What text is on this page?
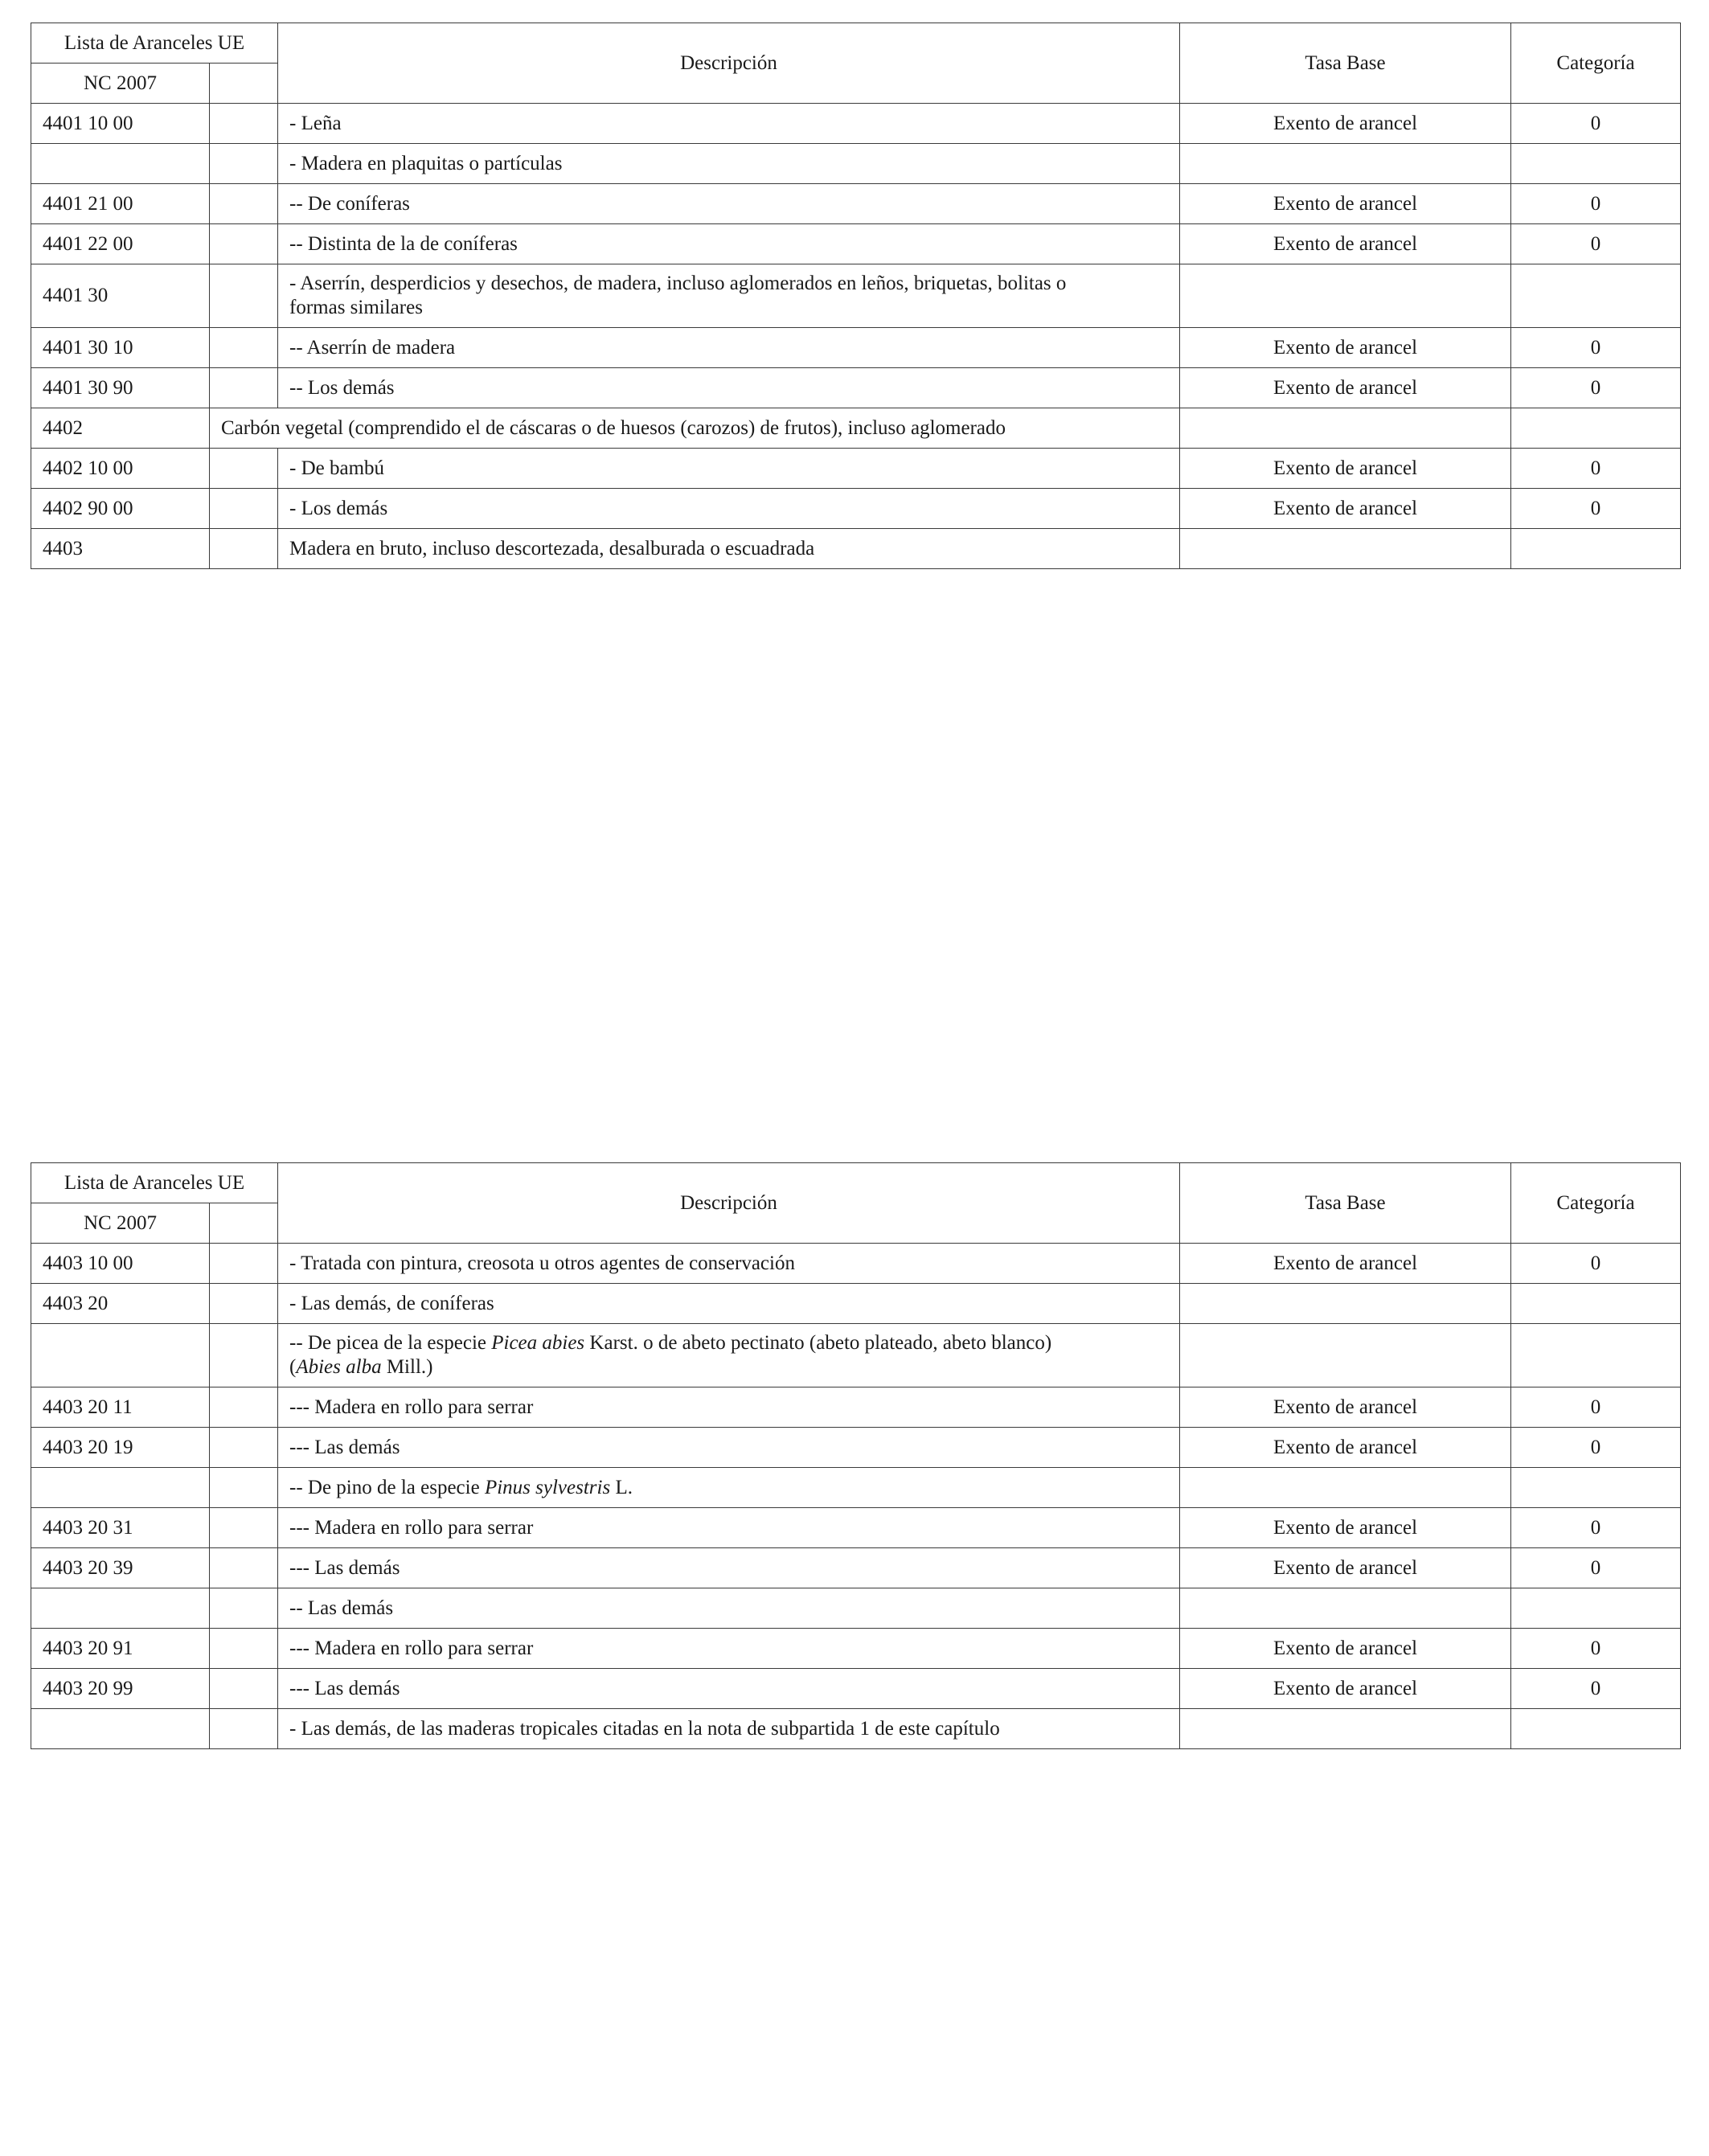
Lista de Aranceles UE		Descripción	Tasa Base	Categoría
NC 2007				
4401 10 00		- Leña	Exento de arancel	0
		- Madera en plaquitas o partículas		
4401 21 00		-- De coníferas	Exento de arancel	0
4401 22 00		-- Distinta de la de coníferas	Exento de arancel	0
4401 30		- Aserrín, desperdicios y desechos, de madera, incluso aglomerados en leños, briquetas, bolitas o
formas similares		
4401 30 10		-- Aserrín de madera	Exento de arancel	0
4401 30 90		-- Los demás	Exento de arancel	0
4402	Carbón vegetal (comprendido el de cáscaras o de huesos (carozos) de frutos), incluso aglomerado			
4402 10 00		- De bambú	Exento de arancel	0
4402 90 00		- Los demás	Exento de arancel	0
4403		Madera en bruto, incluso descortezada, desalburada o escuadrada		
Lista de Aranceles UE		Descripción	Tasa Base	Categoría
NC 2007				
4403 10 00		- Tratada con pintura, creosota u otros agentes de conservación	Exento de arancel	0
4403 20		- Las demás, de coníferas		
		-- De picea de la especie Picea abies Karst. o de abeto pectinato (abeto plateado, abeto blanco)
(Abies alba Mill.)		
4403 20 11		--- Madera en rollo para serrar	Exento de arancel	0
4403 20 19		--- Las demás	Exento de arancel	0
		-- De pino de la especie Pinus sylvestris L.		
4403 20 31		--- Madera en rollo para serrar	Exento de arancel	0
4403 20 39		--- Las demás	Exento de arancel	0
		-- Las demás		
4403 20 91		--- Madera en rollo para serrar	Exento de arancel	0
4403 20 99		--- Las demás	Exento de arancel	0
		- Las demás, de las maderas tropicales citadas en la nota de subpartida 1 de este capítulo		
